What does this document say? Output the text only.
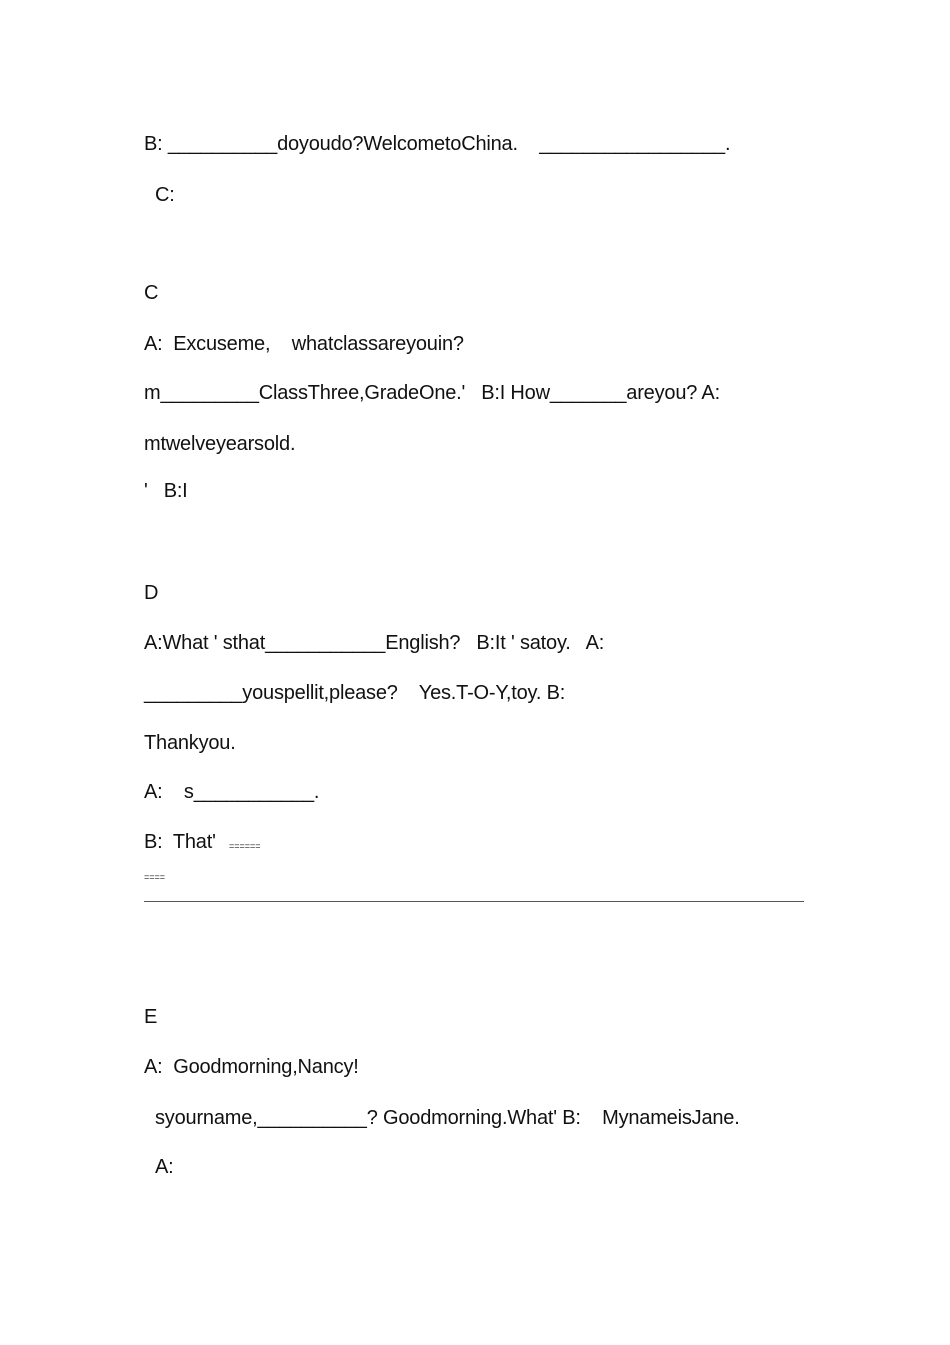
B: __________doyoudo?WelcometoChina.    _________________.
C:
C
A:  Excuseme,    whatclassareyouin?
m_________ClassThree,GradeOne.'   B:I How_______areyou? A:
mtwelveyearsold.
'   B:I
D
A:What ' sthat___________English?   B:It ' satoy.   A:
_________youspellit,please?    Yes.T-O-Y,toy. B:
Thankyou.
A:    s___________.
B:  That' ======
====
E
A:  Goodmorning,Nancy!
syourname,__________? Goodmorning.What' B:    MynameisJane.
A:
